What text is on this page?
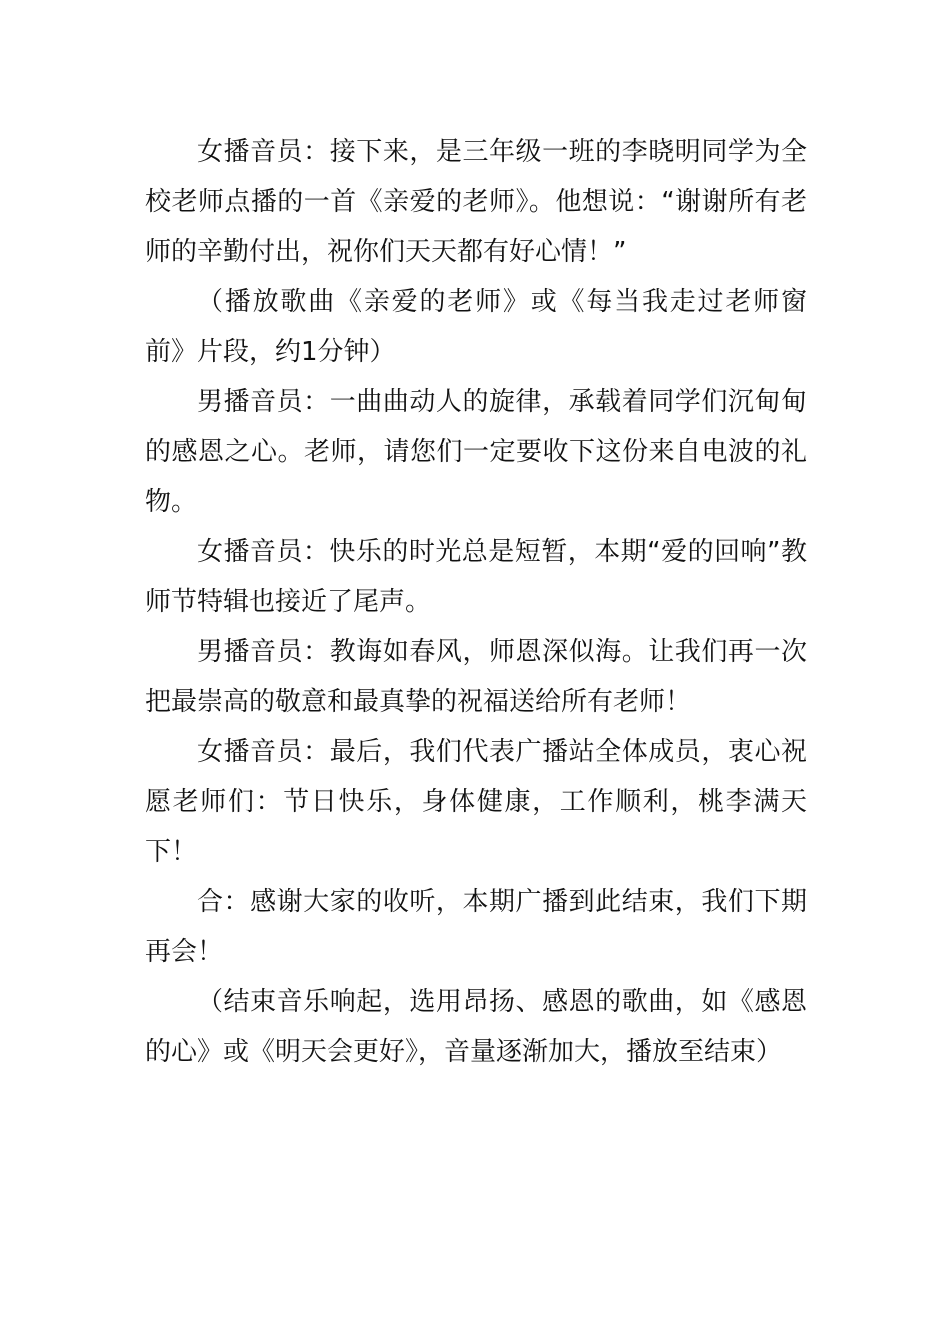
女播音员：接下来，是三年级一班的李晓明同学为全校老师点播的一首《亲爱的老师》。他想说：“谢谢所有老师的辛勤付出，祝你们天天都有好心情！”

（播放歌曲《亲爱的老师》或《每当我走过老师窗前》片段，约1分钟）

男播音员：一曲曲动人的旋律，承载着同学们沉甸甸的感恩之心。老师，请您们一定要收下这份来自电波的礼物。

女播音员：快乐的时光总是短暂，本期“爱的回响”教师节特辑也接近了尾声。

男播音员：教诲如春风，师恩深似海。让我们再一次把最崇高的敬意和最真挚的祝福送给所有老师！

女播音员：最后，我们代表广播站全体成员，衷心祝愿老师们：节日快乐，身体健康，工作顺利，桃李满天下！

合：感谢大家的收听，本期广播到此结束，我们下期再会！

（结束音乐响起，选用昂扬、感恩的歌曲，如《感恩的心》或《明天会更好》，音量逐渐加大，播放至结束）
